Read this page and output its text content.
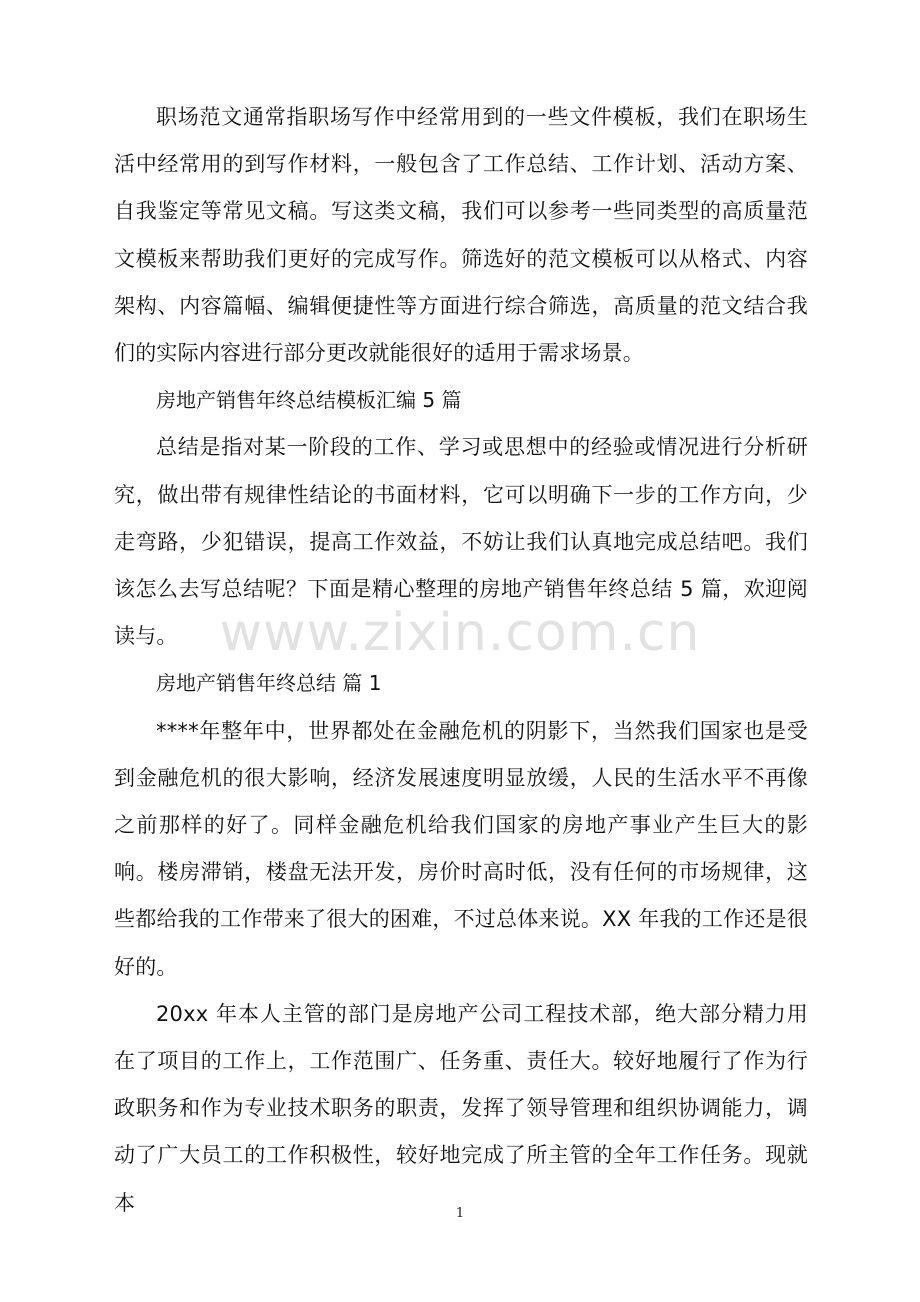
职场范文通常指职场写作中经常用到的一些文件模板，我们在职场生活中经常用的到写作材料，一般包含了工作总结、工作计划、活动方案、自我鉴定等常见文稿。写这类文稿，我们可以参考一些同类型的高质量范文模板来帮助我们更好的完成写作。筛选好的范文模板可以从格式、内容架构、内容篇幅、编辑便捷性等方面进行综合筛选，高质量的范文结合我们的实际内容进行部分更改就能很好的适用于需求场景。

房地产销售年终总结模板汇编 5 篇

总结是指对某一阶段的工作、学习或思想中的经验或情况进行分析研究，做出带有规律性结论的书面材料，它可以明确下一步的工作方向，少走弯路，少犯错误，提高工作效益，不妨让我们认真地完成总结吧。我们该怎么去写总结呢？下面是精心整理的房地产销售年终总结 5 篇，欢迎阅读与。

房地产销售年终总结 篇 1

****年整年中，世界都处在金融危机的阴影下，当然我们国家也是受到金融危机的很大影响，经济发展速度明显放缓，人民的生活水平不再像之前那样的好了。同样金融危机给我们国家的房地产事业产生巨大的影响。楼房滞销，楼盘无法开发，房价时高时低，没有任何的市场规律，这些都给我的工作带来了很大的困难，不过总体来说。XX 年我的工作还是很好的。

20xx 年本人主管的部门是房地产公司工程技术部，绝大部分精力用在了项目的工作上，工作范围广、任务重、责任大。较好地履行了作为行政职务和作为专业技术职务的职责，发挥了领导管理和组织协调能力，调动了广大员工的工作积极性，较好地完成了所主管的全年工作任务。现就本

www.zixin.com.cn
1
